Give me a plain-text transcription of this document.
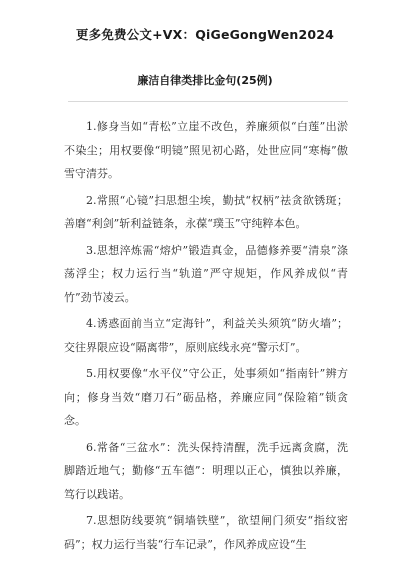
更多免费公文+VX：QiGeGongWen2024
廉洁自律类排比金句(25例)

1.修身当如“青松”立崖不改色，养廉须似“白莲”出淤不染尘；用权要像“明镜”照见初心路，处世应同“寒梅”傲雪守清芬。

2.常照“心镜”扫思想尘埃，勤拭“权柄”祛贪欲锈斑；善磨“利剑”斩利益链条，永葆“璞玉”守纯粹本色。

3.思想淬炼需“熔炉”锻造真金，品德修养要“清泉”涤荡浮尘；权力运行当“轨道”严守规矩，作风养成似“青竹”劲节凌云。

4.诱惑面前当立“定海针”，利益关头须筑“防火墙”；交往界限应设“隔离带”，原则底线永亮“警示灯”。

5.用权要像“水平仪”守公正，处事须如“指南针”辨方向；修身当效“磨刀石”砺品格，养廉应同“保险箱”锁贪念。

6.常备“三盆水”：洗头保持清醒，洗手远离贪腐，洗脚踏近地气；勤修“五车德”：明理以正心，慎独以养廉，笃行以践诺。

7.思想防线要筑“铜墙铁壁”，欲望闸门须安“指纹密码”；权力运行当装“行车记录”，作风养成应设“生
